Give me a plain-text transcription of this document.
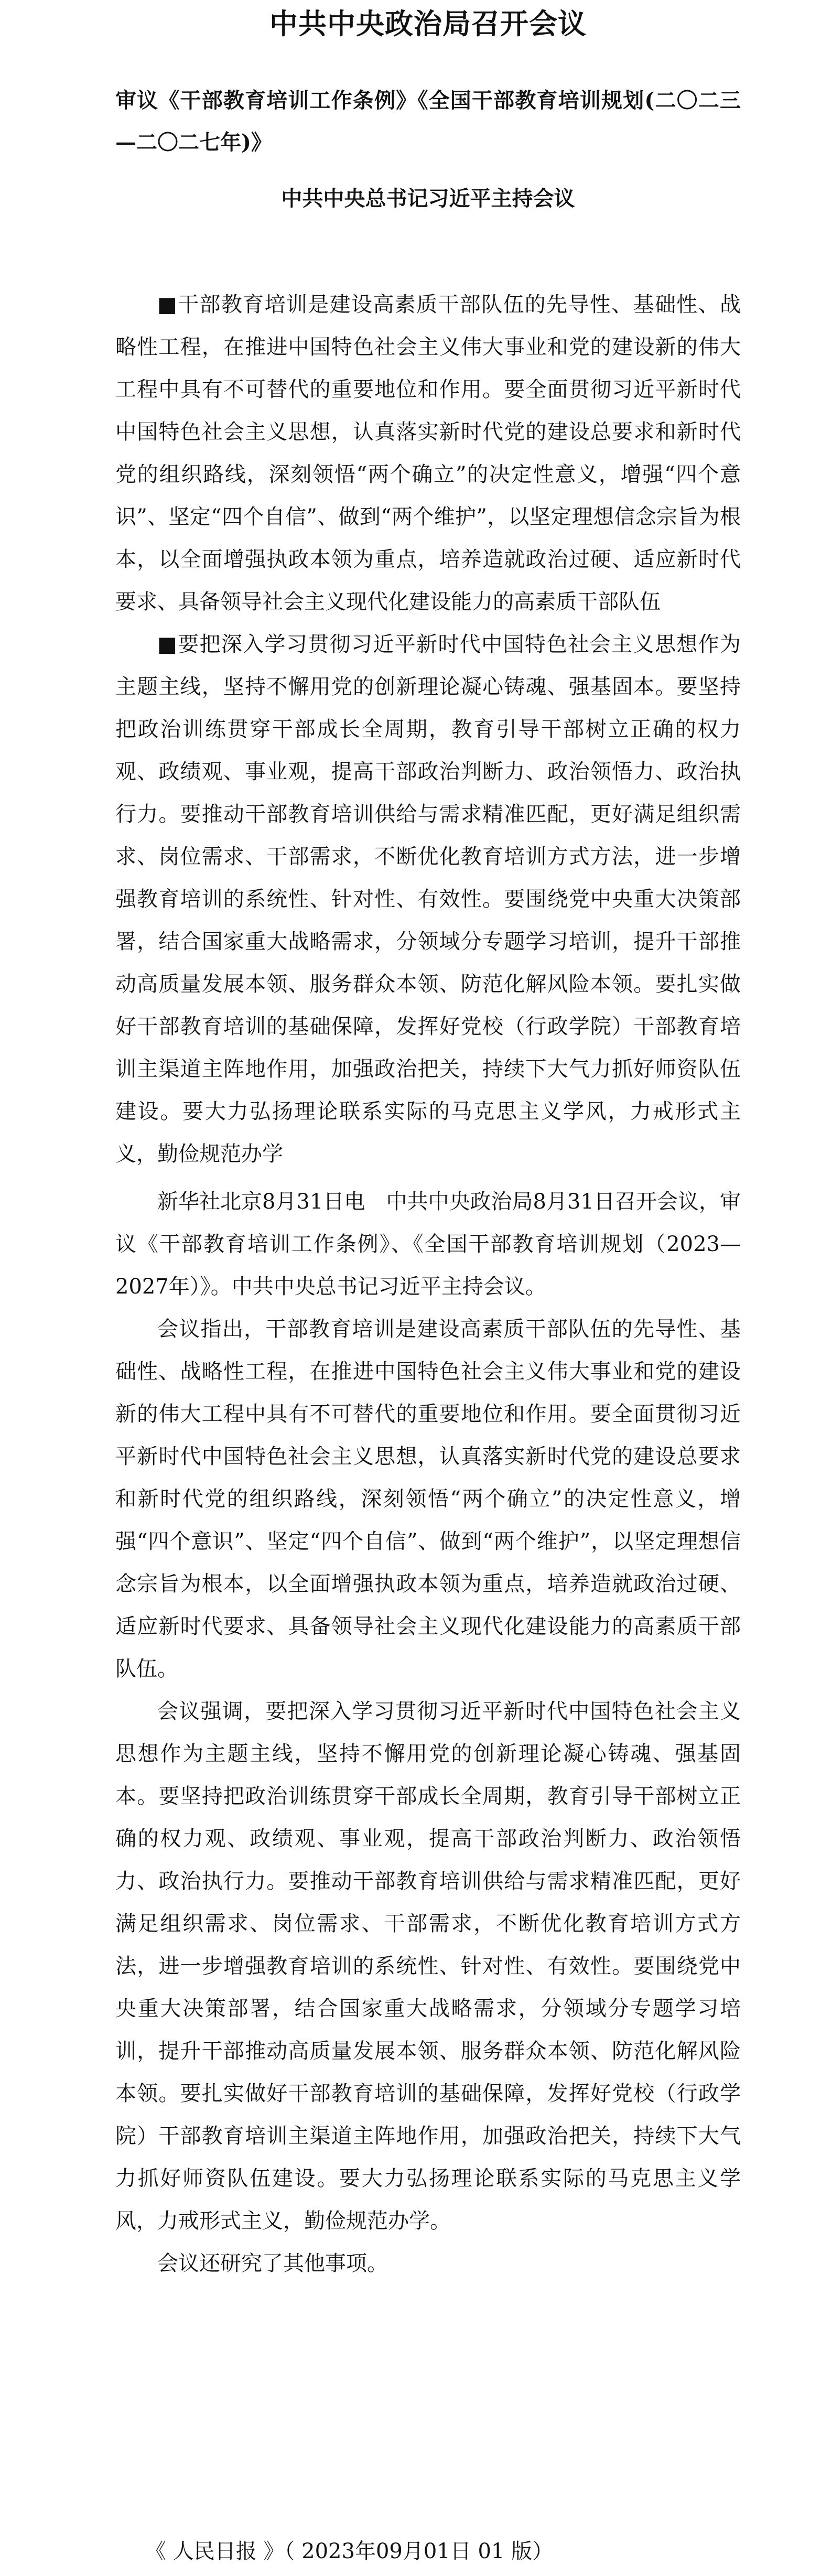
中共中央政治局召开会议
审议《干部教育培训工作条例》《全国干部教育培训规划(二〇二三—二〇二七年)》
中共中央总书记习近平主持会议

■干部教育培训是建设高素质干部队伍的先导性、基础性、战略性工程，在推进中国特色社会主义伟大事业和党的建设新的伟大工程中具有不可替代的重要地位和作用。要全面贯彻习近平新时代中国特色社会主义思想，认真落实新时代党的建设总要求和新时代党的组织路线，深刻领悟“两个确立”的决定性意义，增强“四个意识”、坚定“四个自信”、做到“两个维护”，以坚定理想信念宗旨为根本，以全面增强执政本领为重点，培养造就政治过硬、适应新时代要求、具备领导社会主义现代化建设能力的高素质干部队伍

■要把深入学习贯彻习近平新时代中国特色社会主义思想作为主题主线，坚持不懈用党的创新理论凝心铸魂、强基固本。要坚持把政治训练贯穿干部成长全周期，教育引导干部树立正确的权力观、政绩观、事业观，提高干部政治判断力、政治领悟力、政治执行力。要推动干部教育培训供给与需求精准匹配，更好满足组织需求、岗位需求、干部需求，不断优化教育培训方式方法，进一步增强教育培训的系统性、针对性、有效性。要围绕党中央重大决策部署，结合国家重大战略需求，分领域分专题学习培训，提升干部推动高质量发展本领、服务群众本领、防范化解风险本领。要扎实做好干部教育培训的基础保障，发挥好党校（行政学院）干部教育培训主渠道主阵地作用，加强政治把关，持续下大气力抓好师资队伍建设。要大力弘扬理论联系实际的马克思主义学风，力戒形式主义，勤俭规范办学

新华社北京8月31日电　中共中央政治局8月31日召开会议，审议《干部教育培训工作条例》、《全国干部教育培训规划（2023—2027年）》。中共中央总书记习近平主持会议。

会议指出，干部教育培训是建设高素质干部队伍的先导性、基础性、战略性工程，在推进中国特色社会主义伟大事业和党的建设新的伟大工程中具有不可替代的重要地位和作用。要全面贯彻习近平新时代中国特色社会主义思想，认真落实新时代党的建设总要求和新时代党的组织路线，深刻领悟“两个确立”的决定性意义，增强“四个意识”、坚定“四个自信”、做到“两个维护”，以坚定理想信念宗旨为根本，以全面增强执政本领为重点，培养造就政治过硬、适应新时代要求、具备领导社会主义现代化建设能力的高素质干部队伍。

会议强调，要把深入学习贯彻习近平新时代中国特色社会主义思想作为主题主线，坚持不懈用党的创新理论凝心铸魂、强基固本。要坚持把政治训练贯穿干部成长全周期，教育引导干部树立正确的权力观、政绩观、事业观，提高干部政治判断力、政治领悟力、政治执行力。要推动干部教育培训供给与需求精准匹配，更好满足组织需求、岗位需求、干部需求，不断优化教育培训方式方法，进一步增强教育培训的系统性、针对性、有效性。要围绕党中央重大决策部署，结合国家重大战略需求，分领域分专题学习培训，提升干部推动高质量发展本领、服务群众本领、防范化解风险本领。要扎实做好干部教育培训的基础保障，发挥好党校（行政学院）干部教育培训主渠道主阵地作用，加强政治把关，持续下大气力抓好师资队伍建设。要大力弘扬理论联系实际的马克思主义学风，力戒形式主义，勤俭规范办学。

会议还研究了其他事项。

《 人民日报 》（ 2023年09月01日 01 版）
